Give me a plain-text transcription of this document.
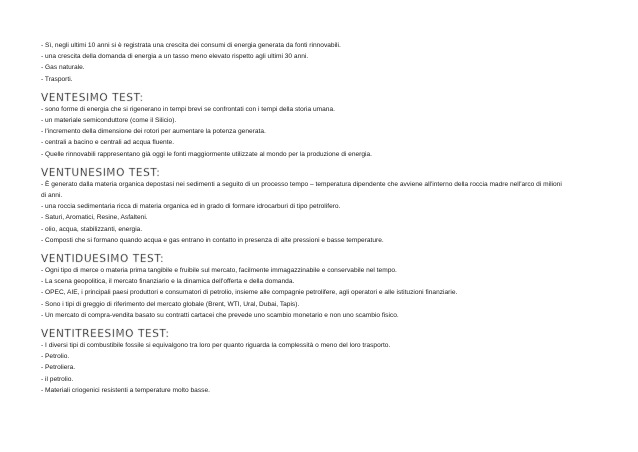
- Sì, negli ultimi 10 anni si è registrata una crescita dei consumi di energia generata da fonti rinnovabili.
- una crescita della domanda di energia a un tasso meno elevato rispetto agli ultimi 30 anni.
- Gas naturale.
- Trasporti.
VENTESIMO TEST:
- sono forme di energia che si rigenerano in tempi brevi se confrontati con i tempi della storia umana.
- un materiale semiconduttore (come il Silicio).
- l'incremento della dimensione dei rotori per aumentare la potenza generata.
- centrali a bacino e centrali ad acqua fluente.
- Quelle rinnovabili rappresentano già oggi le fonti maggiormente utilizzate al mondo per la produzione di energia.
VENTUNESIMO TEST:
- È generato dalla materia organica depostasi nei sedimenti a seguito di un processo tempo – temperatura dipendente che avviene all'interno della roccia madre nell'arco di milioni di anni.
- una roccia sedimentaria ricca di materia organica ed in grado di formare idrocarburi di tipo petrolifero.
- Saturi, Aromatici, Resine, Asfalteni.
- olio, acqua, stabilizzanti, energia.
- Composti che si formano quando acqua e gas entrano in contatto in presenza di alte pressioni e basse temperature.
VENTIDUESIMO TEST:
- Ogni tipo di merce o materia prima tangibile e fruibile sul mercato, facilmente immagazzinabile e conservabile nel tempo.
- La scena geopolitica, il mercato finanziario e la dinamica dell'offerta e della domanda.
- OPEC, AIE, i principali paesi produttori e consumatori di petrolio, insieme alle compagnie petrolifere, agli operatori e alle istituzioni finanziarie.
- Sono i tipi di greggio di riferimento del mercato globale (Brent, WTI, Ural, Dubai, Tapis).
- Un mercato di compra-vendita basato su contratti cartacei che prevede uno scambio monetario e non uno scambio fisico.
VENTITREESIMO TEST:
- I diversi tipi di combustibile fossile si equivalgono tra loro per quanto riguarda la complessità o meno del loro trasporto.
- Petrolio.
- Petroliera.
- il petrolio.
- Materiali criogenici resistenti a temperature molto basse.
